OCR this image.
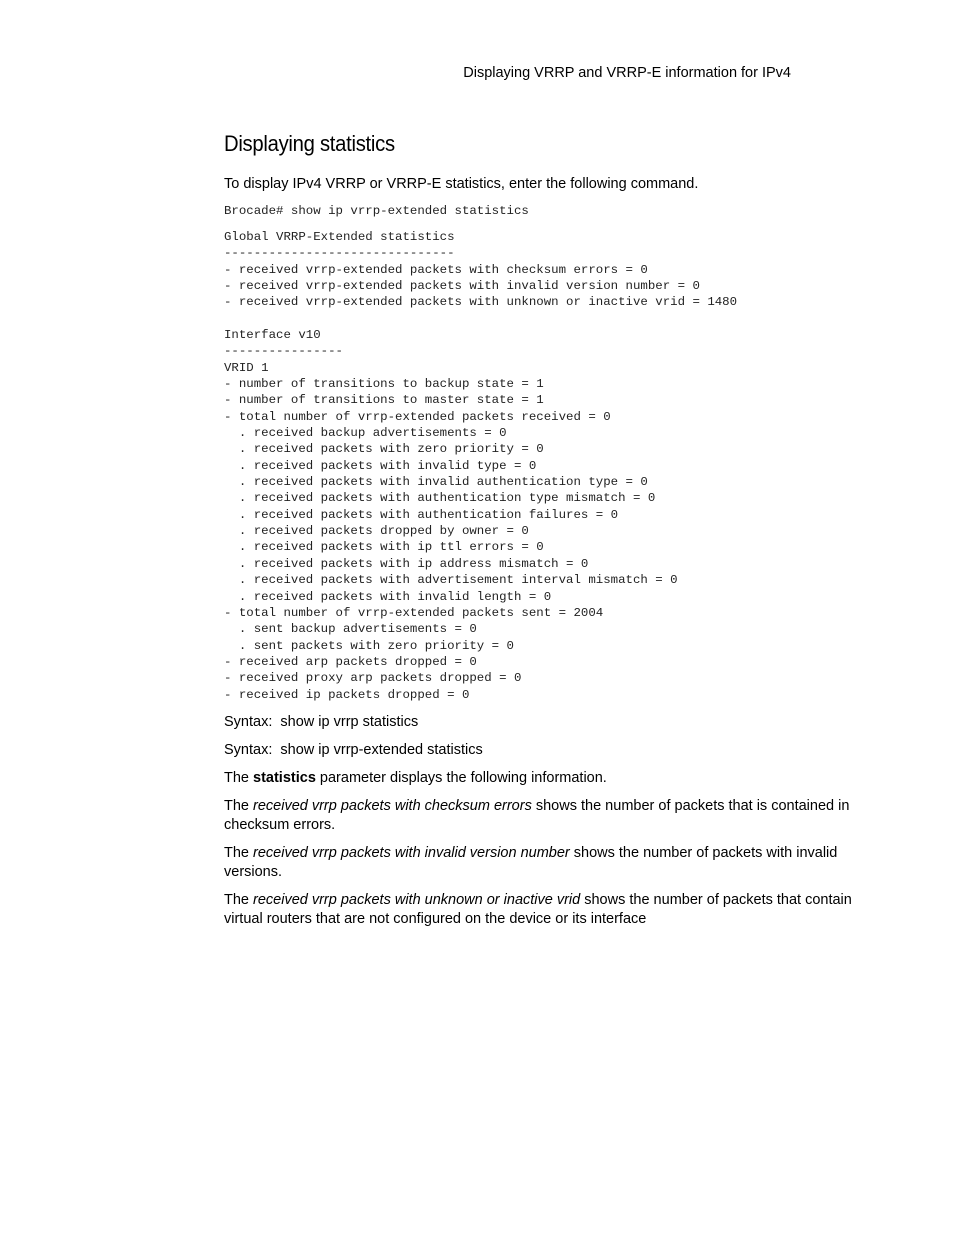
Displaying VRRP and VRRP-E information for IPv4
Displaying statistics

To display IPv4 VRRP or VRRP-E statistics, enter the following command.

Brocade# show ip vrrp-extended statistics
Global VRRP-Extended statistics
-------------------------------
- received vrrp-extended packets with checksum errors = 0
- received vrrp-extended packets with invalid version number = 0
- received vrrp-extended packets with unknown or inactive vrid = 1480

Interface v10
----------------
VRID 1
- number of transitions to backup state = 1
- number of transitions to master state = 1
- total number of vrrp-extended packets received = 0
. received backup advertisements = 0
. received packets with zero priority = 0
. received packets with invalid type = 0
. received packets with invalid authentication type = 0
. received packets with authentication type mismatch = 0
. received packets with authentication failures = 0
. received packets dropped by owner = 0
. received packets with ip ttl errors = 0
. received packets with ip address mismatch = 0
. received packets with advertisement interval mismatch = 0
. received packets with invalid length = 0
- total number of vrrp-extended packets sent = 2004
. sent backup advertisements = 0
. sent packets with zero priority = 0
- received arp packets dropped = 0
- received proxy arp packets dropped = 0
- received ip packets dropped = 0

Syntax: show ip vrrp statistics

Syntax: show ip vrrp-extended statistics

The statistics parameter displays the following information.

The received vrrp packets with checksum errors shows the number of packets that is contained in checksum errors.

The received vrrp packets with invalid version number shows the number of packets with invalid versions.

The received vrrp packets with unknown or inactive vrid shows the number of packets that contain virtual routers that are not configured on the device or its interface
